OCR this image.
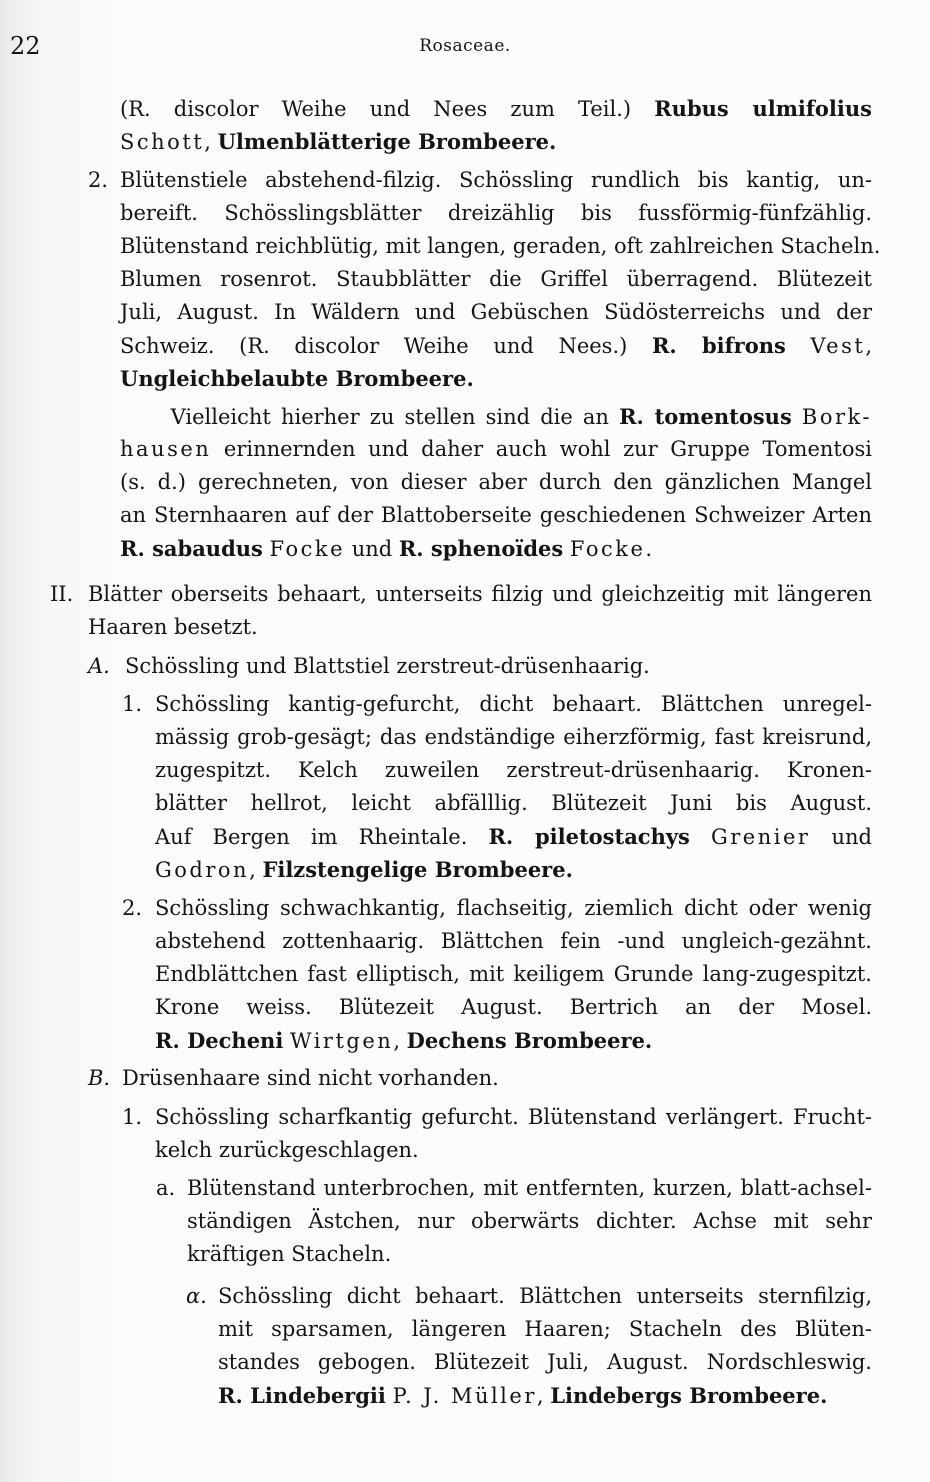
22	Rosaceae.
(R. discolor Weihe und Nees zum Teil.) Rubus ulmifolius
Schott, Ulmenblätterige Brombeere.
Blütenstiele abstehend-filzig. Schössling rundlich bis kantig, un-
bereift. Schösslingsblätter dreizählig bis fussförmig-fünfzählig.
Blütenstand reichblütig, mit langen, geraden, oft zahlreichen Stacheln.
Blumen rosenrot. Staubblätter die Griffel überragend. Blütezeit
Juli, August. In Wäldern und Gebüschen Südösterreichs und der
Schweiz. (R. discolor Weihe und Nees.) R. bifrons Vest,
Ungleichbelaubte Brombeere.
2.
Vielleicht hierher zu stellen sind die an R. tomentosus Bork-
hausen erinnernden und daher auch wohl zur Gruppe Tomentosi
(s. d.) gerechneten, von dieser aber durch den gänzlichen Mangel
an Sternhaaren auf der Blattoberseite geschiedenen Schweizer Arten
R. sabaudus Focke und R. sphenoïdes Focke.
Blätter oberseits behaart, unterseits filzig und gleichzeitig mit längeren
Haaren besetzt.
II.
Schössling und Blattstiel zerstreut-drüsenhaarig.
A.
Schössling kantig-gefurcht, dicht behaart. Blättchen unregel-
mässig grob-gesägt; das endständige eiherzförmig, fast kreisrund,
zugespitzt. Kelch zuweilen zerstreut-drüsenhaarig. Kronen-
blätter hellrot, leicht abfälllig. Blütezeit Juni bis August.
Auf Bergen im Rheintale. R. piletostachys Grenier und
Godron, Filzstengelige Brombeere.
1.
Schössling schwachkantig, flachseitig, ziemlich dicht oder wenig
abstehend zottenhaarig. Blättchen fein -und ungleich-gezähnt.
Endblättchen fast elliptisch, mit keiligem Grunde lang-zugespitzt.
Krone weiss. Blütezeit August. Bertrich an der Mosel.
R. Decheni Wirtgen, Dechens Brombeere.
2.
Drüsenhaare sind nicht vorhanden.
B.
Schössling scharfkantig gefurcht. Blütenstand verlängert. Frucht-
kelch zurückgeschlagen.
1.
Blütenstand unterbrochen, mit entfernten, kurzen, blatt-achsel-
ständigen Ästchen, nur oberwärts dichter. Achse mit sehr
kräftigen Stacheln.
a.
Schössling dicht behaart. Blättchen unterseits sternfilzig,
mit sparsamen, längeren Haaren; Stacheln des Blüten-
standes gebogen. Blütezeit Juli, August. Nordschleswig.
R. Lindebergii P. J. Müller, Lindebergs Brombeere.
α.
